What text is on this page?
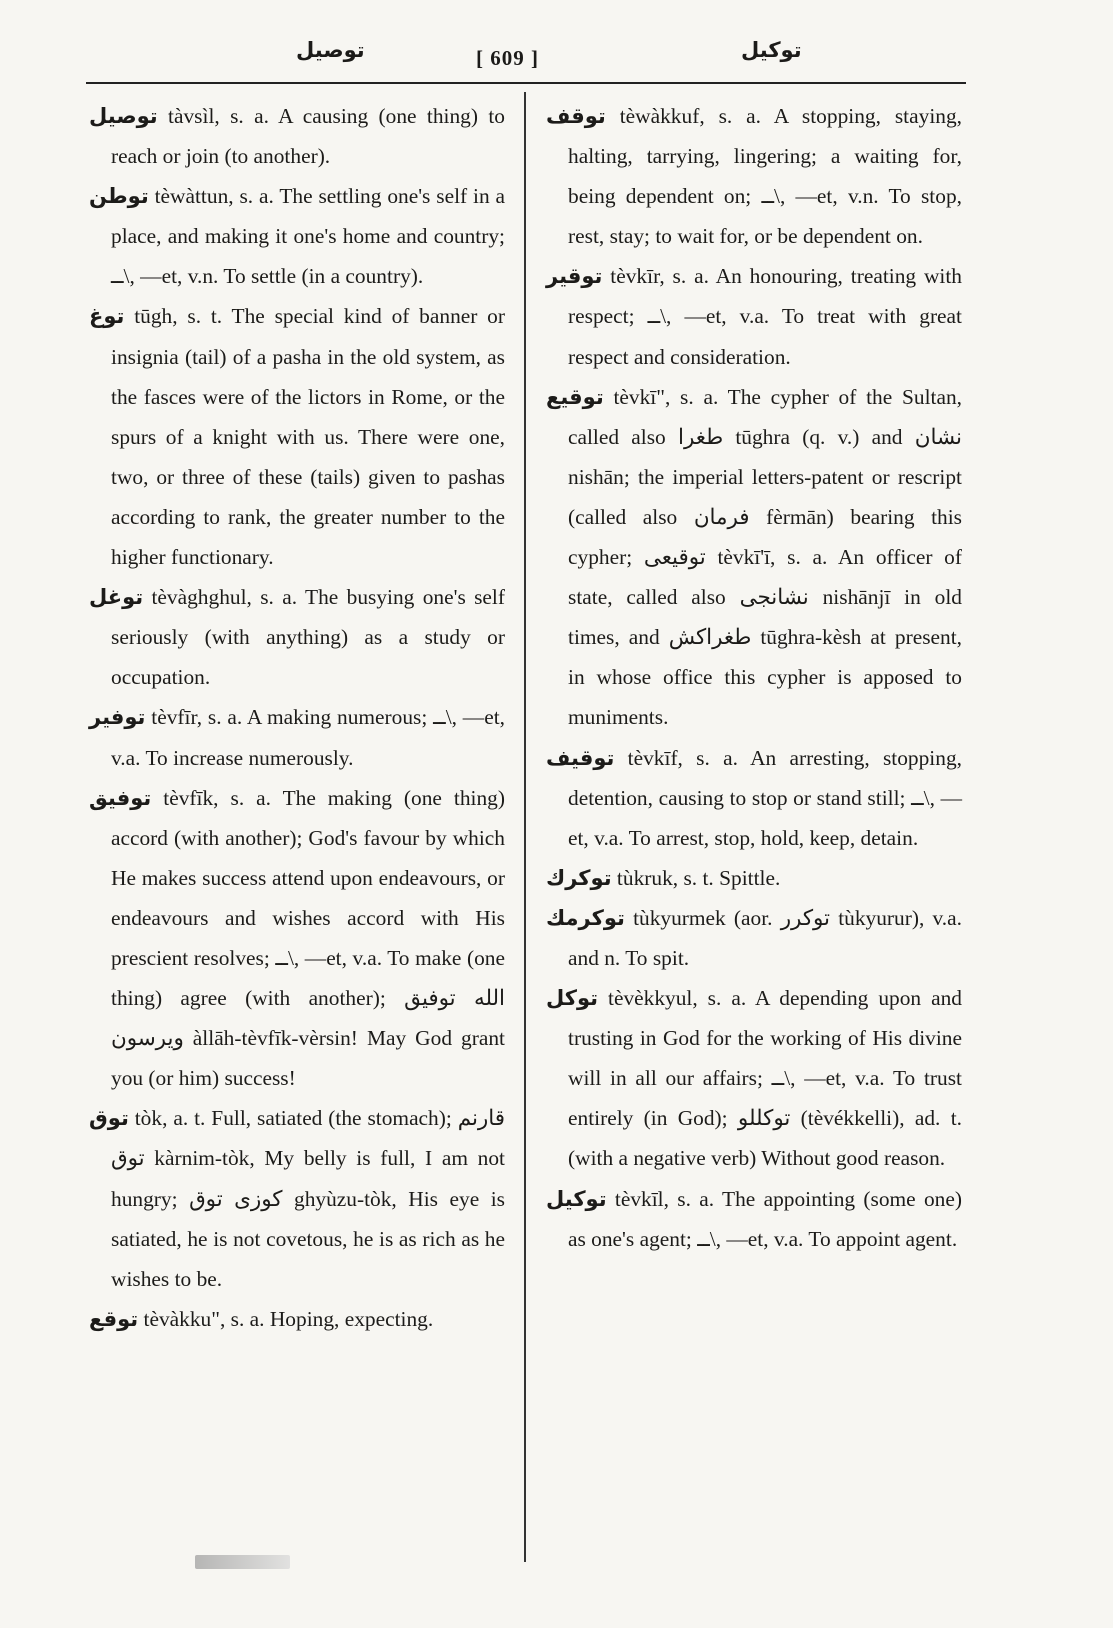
توصيل	[ 609 ]	توكيل

توصيل tàvsìl, s. a. A causing (one thing) to reach or join (to another).

توطن tèwàttun, s. a. The settling one's self in a place, and making it one's home and country; ــ\, —et, v.n. To settle (in a country).

توغ tūgh, s. t. The special kind of banner or insignia (tail) of a pasha in the old system, as the fasces were of the lictors in Rome, or the spurs of a knight with us. There were one, two, or three of these (tails) given to pashas according to rank, the greater number to the higher functionary.

توغل tèvàghghul, s. a. The busying one's self seriously (with anything) as a study or occupation.

توفير tèvfīr, s. a. A making numerous; ــ\, —et, v.a. To increase numerously.

توفيق tèvfīk, s. a. The making (one thing) accord (with another); God's favour by which He makes success attend upon endeavours, or endeavours and wishes accord with His prescient resolves; ــ\, —et, v.a. To make (one thing) agree (with another); الله توفيق ويرسون àllāh-tèvfīk-vèrsin! May God grant you (or him) success!

توق tòk, a. t. Full, satiated (the stomach); قارنم توق kàrnim-tòk, My belly is full, I am not hungry; كوزى توق ghyùzu-tòk, His eye is satiated, he is not covetous, he is as rich as he wishes to be.

توقع tèvàkku", s. a. Hoping, expecting.

توقف tèwàkkuf, s. a. A stopping, staying, halting, tarrying, lingering; a waiting for, being dependent on; ــ\, —et, v.n. To stop, rest, stay; to wait for, or be dependent on.

توقير tèvkīr, s. a. An honouring, treating with respect; ــ\, —et, v.a. To treat with great respect and consideration.

توقيع tèvkī", s. a. The cypher of the Sultan, called also طغرا tūghra (q. v.) and نشان nishān; the imperial letters-patent or rescript (called also فرمان fèrmān) bearing this cypher; توقيعى tèvkī'ī, s. a. An officer of state, called also نشانجى nishānjī in old times, and طغراكش tūghra-kèsh at present, in whose office this cypher is apposed to muniments.

توقيف tèvkīf, s. a. An arresting, stopping, detention, causing to stop or stand still; ــ\, —et, v.a. To arrest, stop, hold, keep, detain.

توكرك tùkruk, s. t. Spittle.

توكرمك tùkyurmek (aor. توكرر tùkyurur), v.a. and n. To spit.

توكل tèvèkkyul, s. a. A depending upon and trusting in God for the working of His divine will in all our affairs; ــ\, —et, v.a. To trust entirely (in God); توكللو (tèvékkelli), ad. t. (with a negative verb) Without good reason.

توكيل tèvkīl, s. a. The appointing (some one) as one's agent; ــ\, —et, v.a. To appoint agent.
